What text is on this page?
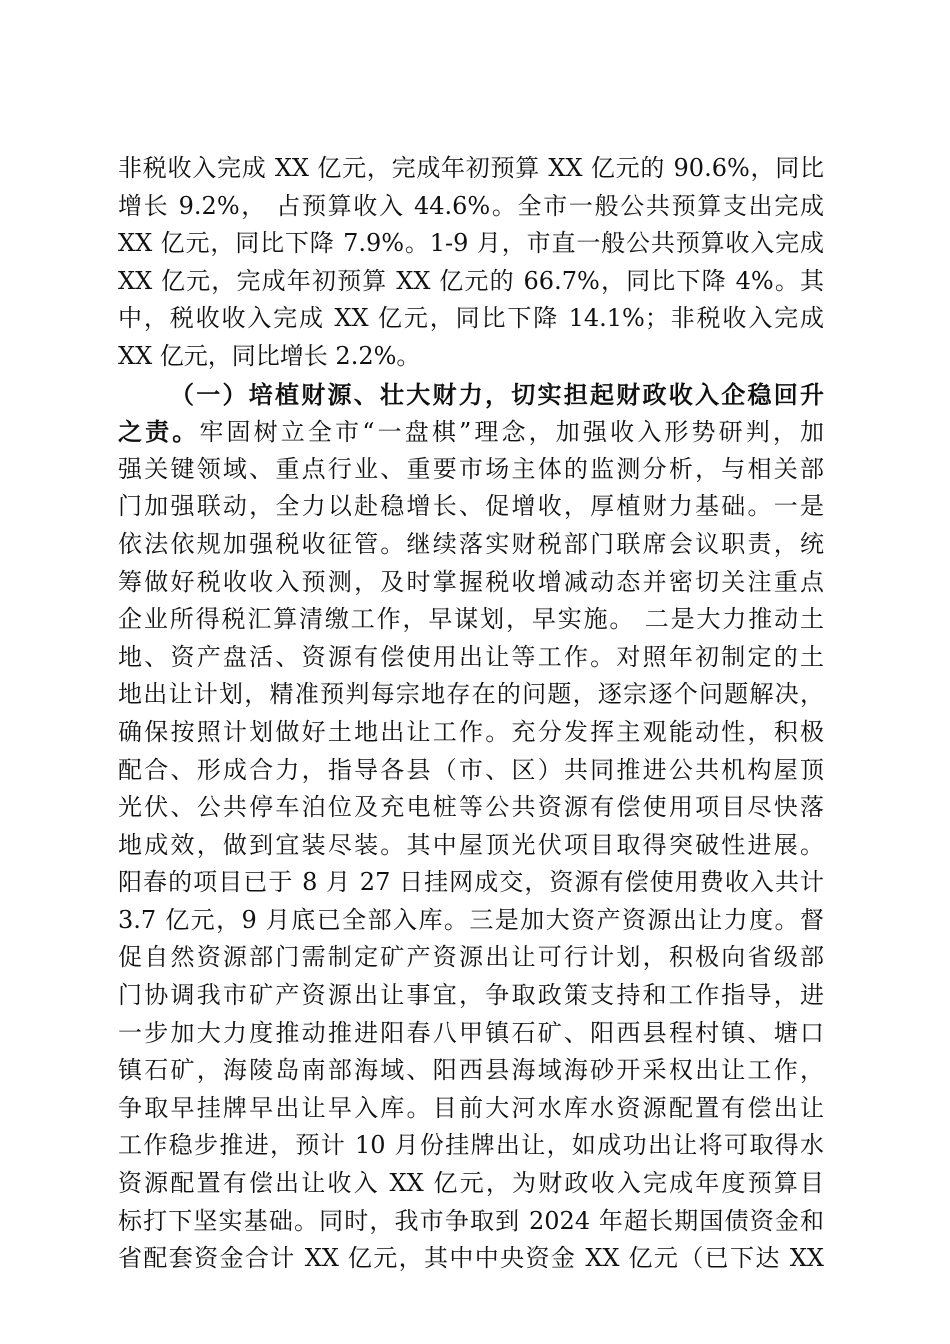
非税收入完成 XX 亿元，完成年初预算 XX 亿元的 90.6%，同比
增长 9.2%， 占预算收入 44.6%。全市一般公共预算支出完成
XX 亿元，同比下降 7.9%。1-9 月，市直一般公共预算收入完成
XX 亿元，完成年初预算 XX 亿元的 66.7%，同比下降 4%。其
中，税收收入完成 XX 亿元，同比下降 14.1%；非税收入完成
XX 亿元，同比增长 2.2%。
（一）培植财源、壮大财力，切实担起财政收入企稳回升
之责。牢固树立全市“一盘棋”理念，加强收入形势研判，加
强关键领域、重点行业、重要市场主体的监测分析，与相关部
门加强联动，全力以赴稳增长、促增收，厚植财力基础。一是
依法依规加强税收征管。继续落实财税部门联席会议职责，统
筹做好税收收入预测，及时掌握税收增减动态并密切关注重点
企业所得税汇算清缴工作，早谋划，早实施。 二是大力推动土
地、资产盘活、资源有偿使用出让等工作。对照年初制定的土
地出让计划，精准预判每宗地存在的问题，逐宗逐个问题解决，
确保按照计划做好土地出让工作。充分发挥主观能动性，积极
配合、形成合力，指导各县（市、区）共同推进公共机构屋顶
光伏、公共停车泊位及充电桩等公共资源有偿使用项目尽快落
地成效，做到宜装尽装。其中屋顶光伏项目取得突破性进展。
阳春的项目已于 8 月 27 日挂网成交，资源有偿使用费收入共计
3.7 亿元，9 月底已全部入库。三是加大资产资源出让力度。督
促自然资源部门需制定矿产资源出让可行计划，积极向省级部
门协调我市矿产资源出让事宜，争取政策支持和工作指导，进
一步加大力度推动推进阳春八甲镇石矿、阳西县程村镇、塘口
镇石矿，海陵岛南部海域、阳西县海域海砂开采权出让工作，
争取早挂牌早出让早入库。目前大河水库水资源配置有偿出让
工作稳步推进，预计 10 月份挂牌出让，如成功出让将可取得水
资源配置有偿出让收入 XX 亿元，为财政收入完成年度预算目
标打下坚实基础。同时，我市争取到 2024 年超长期国债资金和
省配套资金合计 XX 亿元，其中中央资金 XX 亿元（已下达 XX
